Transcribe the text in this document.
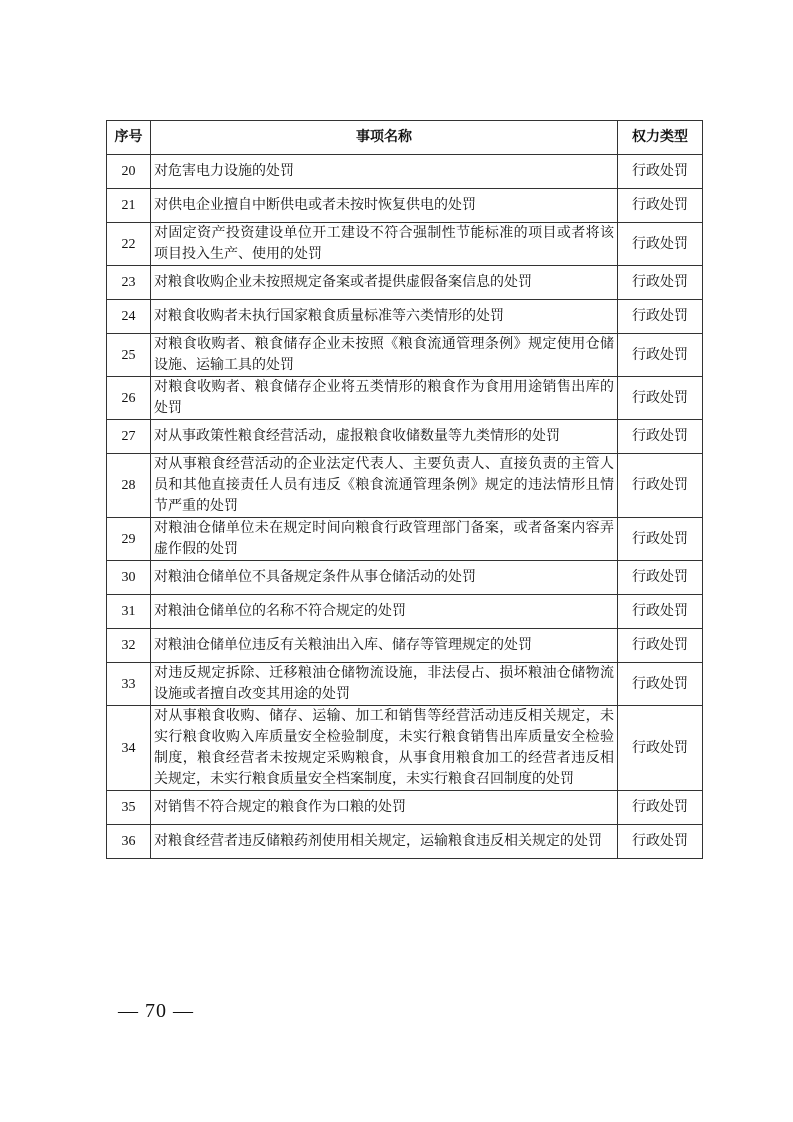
序号	事项名称	权力类型
20	对危害电力设施的处罚	行政处罚
21	对供电企业擅自中断供电或者未按时恢复供电的处罚	行政处罚
22	对固定资产投资建设单位开工建设不符合强制性节能标准的项目或者将该项目投入生产、使用的处罚	行政处罚
23	对粮食收购企业未按照规定备案或者提供虚假备案信息的处罚	行政处罚
24	对粮食收购者未执行国家粮食质量标准等六类情形的处罚	行政处罚
25	对粮食收购者、粮食储存企业未按照《粮食流通管理条例》规定使用仓储设施、运输工具的处罚	行政处罚
26	对粮食收购者、粮食储存企业将五类情形的粮食作为食用用途销售出库的处罚	行政处罚
27	对从事政策性粮食经营活动，虚报粮食收储数量等九类情形的处罚	行政处罚
28	对从事粮食经营活动的企业法定代表人、主要负责人、直接负责的主管人员和其他直接责任人员有违反《粮食流通管理条例》规定的违法情形且情节严重的处罚	行政处罚
29	对粮油仓储单位未在规定时间向粮食行政管理部门备案，或者备案内容弄虚作假的处罚	行政处罚
30	对粮油仓储单位不具备规定条件从事仓储活动的处罚	行政处罚
31	对粮油仓储单位的名称不符合规定的处罚	行政处罚
32	对粮油仓储单位违反有关粮油出入库、储存等管理规定的处罚	行政处罚
33	对违反规定拆除、迁移粮油仓储物流设施，非法侵占、损坏粮油仓储物流设施或者擅自改变其用途的处罚	行政处罚
34	对从事粮食收购、储存、运输、加工和销售等经营活动违反相关规定，未实行粮食收购入库质量安全检验制度，未实行粮食销售出库质量安全检验制度，粮食经营者未按规定采购粮食，从事食用粮食加工的经营者违反相关规定，未实行粮食质量安全档案制度，未实行粮食召回制度的处罚	行政处罚
35	对销售不符合规定的粮食作为口粮的处罚	行政处罚
36	对粮食经营者违反储粮药剂使用相关规定，运输粮食违反相关规定的处罚	行政处罚
— 70 —
